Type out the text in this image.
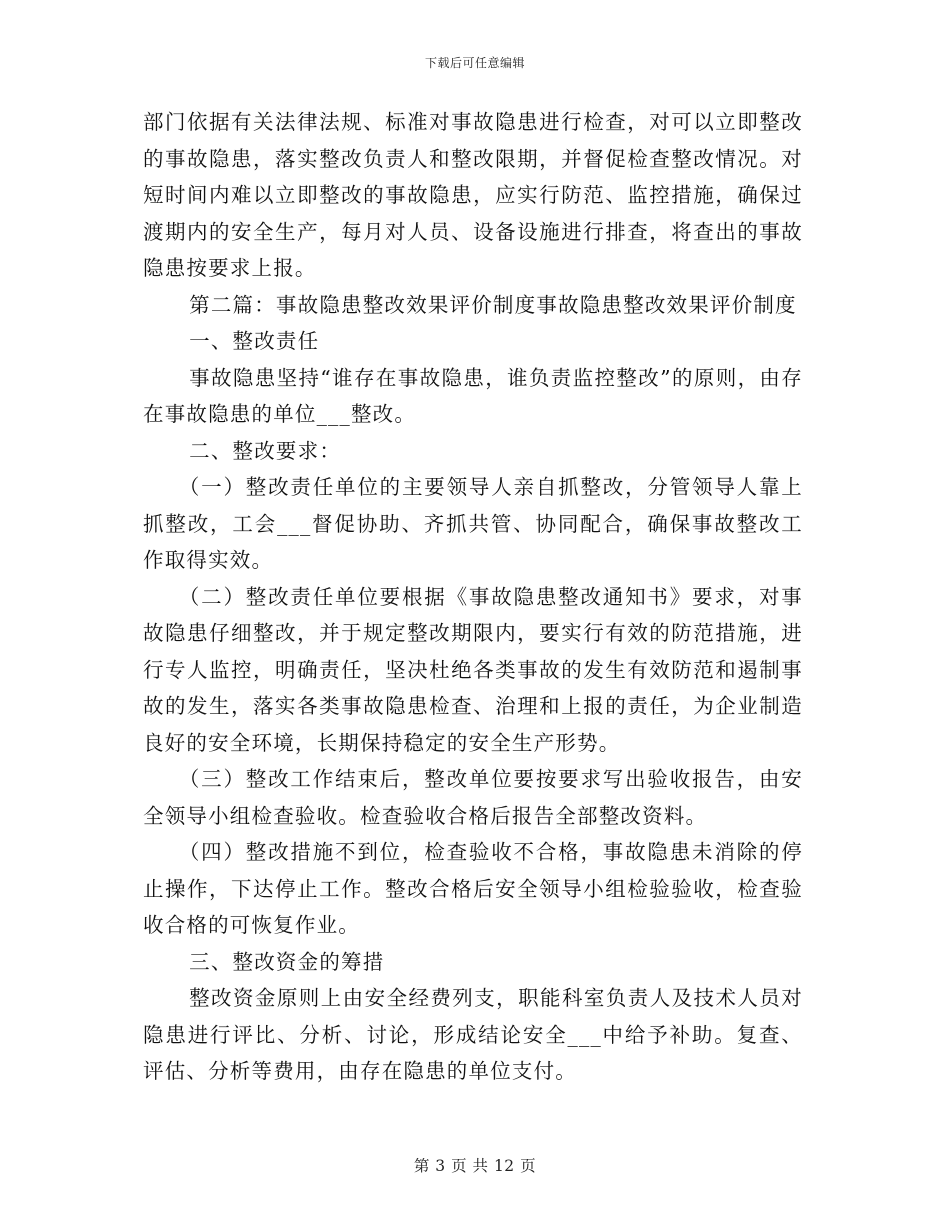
下载后可任意编辑

部门依据有关法律法规、标准对事故隐患进行检查，对可以立即整改的事故隐患，落实整改负责人和整改限期，并督促检查整改情况。对短时间内难以立即整改的事故隐患，应实行防范、监控措施，确保过渡期内的安全生产，每月对人员、设备设施进行排查，将查出的事故隐患按要求上报。

第二篇：事故隐患整改效果评价制度事故隐患整改效果评价制度

一、整改责任

事故隐患坚持“谁存在事故隐患，谁负责监控整改”的原则，由存在事故隐患的单位___整改。

二、整改要求：

（一）整改责任单位的主要领导人亲自抓整改，分管领导人靠上抓整改，工会___督促协助、齐抓共管、协同配合，确保事故整改工作取得实效。

（二）整改责任单位要根据《事故隐患整改通知书》要求，对事故隐患仔细整改，并于规定整改期限内，要实行有效的防范措施，进行专人监控，明确责任，坚决杜绝各类事故的发生有效防范和遏制事故的发生，落实各类事故隐患检查、治理和上报的责任，为企业制造良好的安全环境，长期保持稳定的安全生产形势。

（三）整改工作结束后，整改单位要按要求写出验收报告，由安全领导小组检查验收。检查验收合格后报告全部整改资料。

（四）整改措施不到位，检查验收不合格，事故隐患未消除的停止操作，下达停止工作。整改合格后安全领导小组检验验收，检查验收合格的可恢复作业。

三、整改资金的筹措

整改资金原则上由安全经费列支，职能科室负责人及技术人员对隐患进行评比、分析、讨论，形成结论安全___中给予补助。复查、评估、分析等费用，由存在隐患的单位支付。

第 3 页 共 12 页
